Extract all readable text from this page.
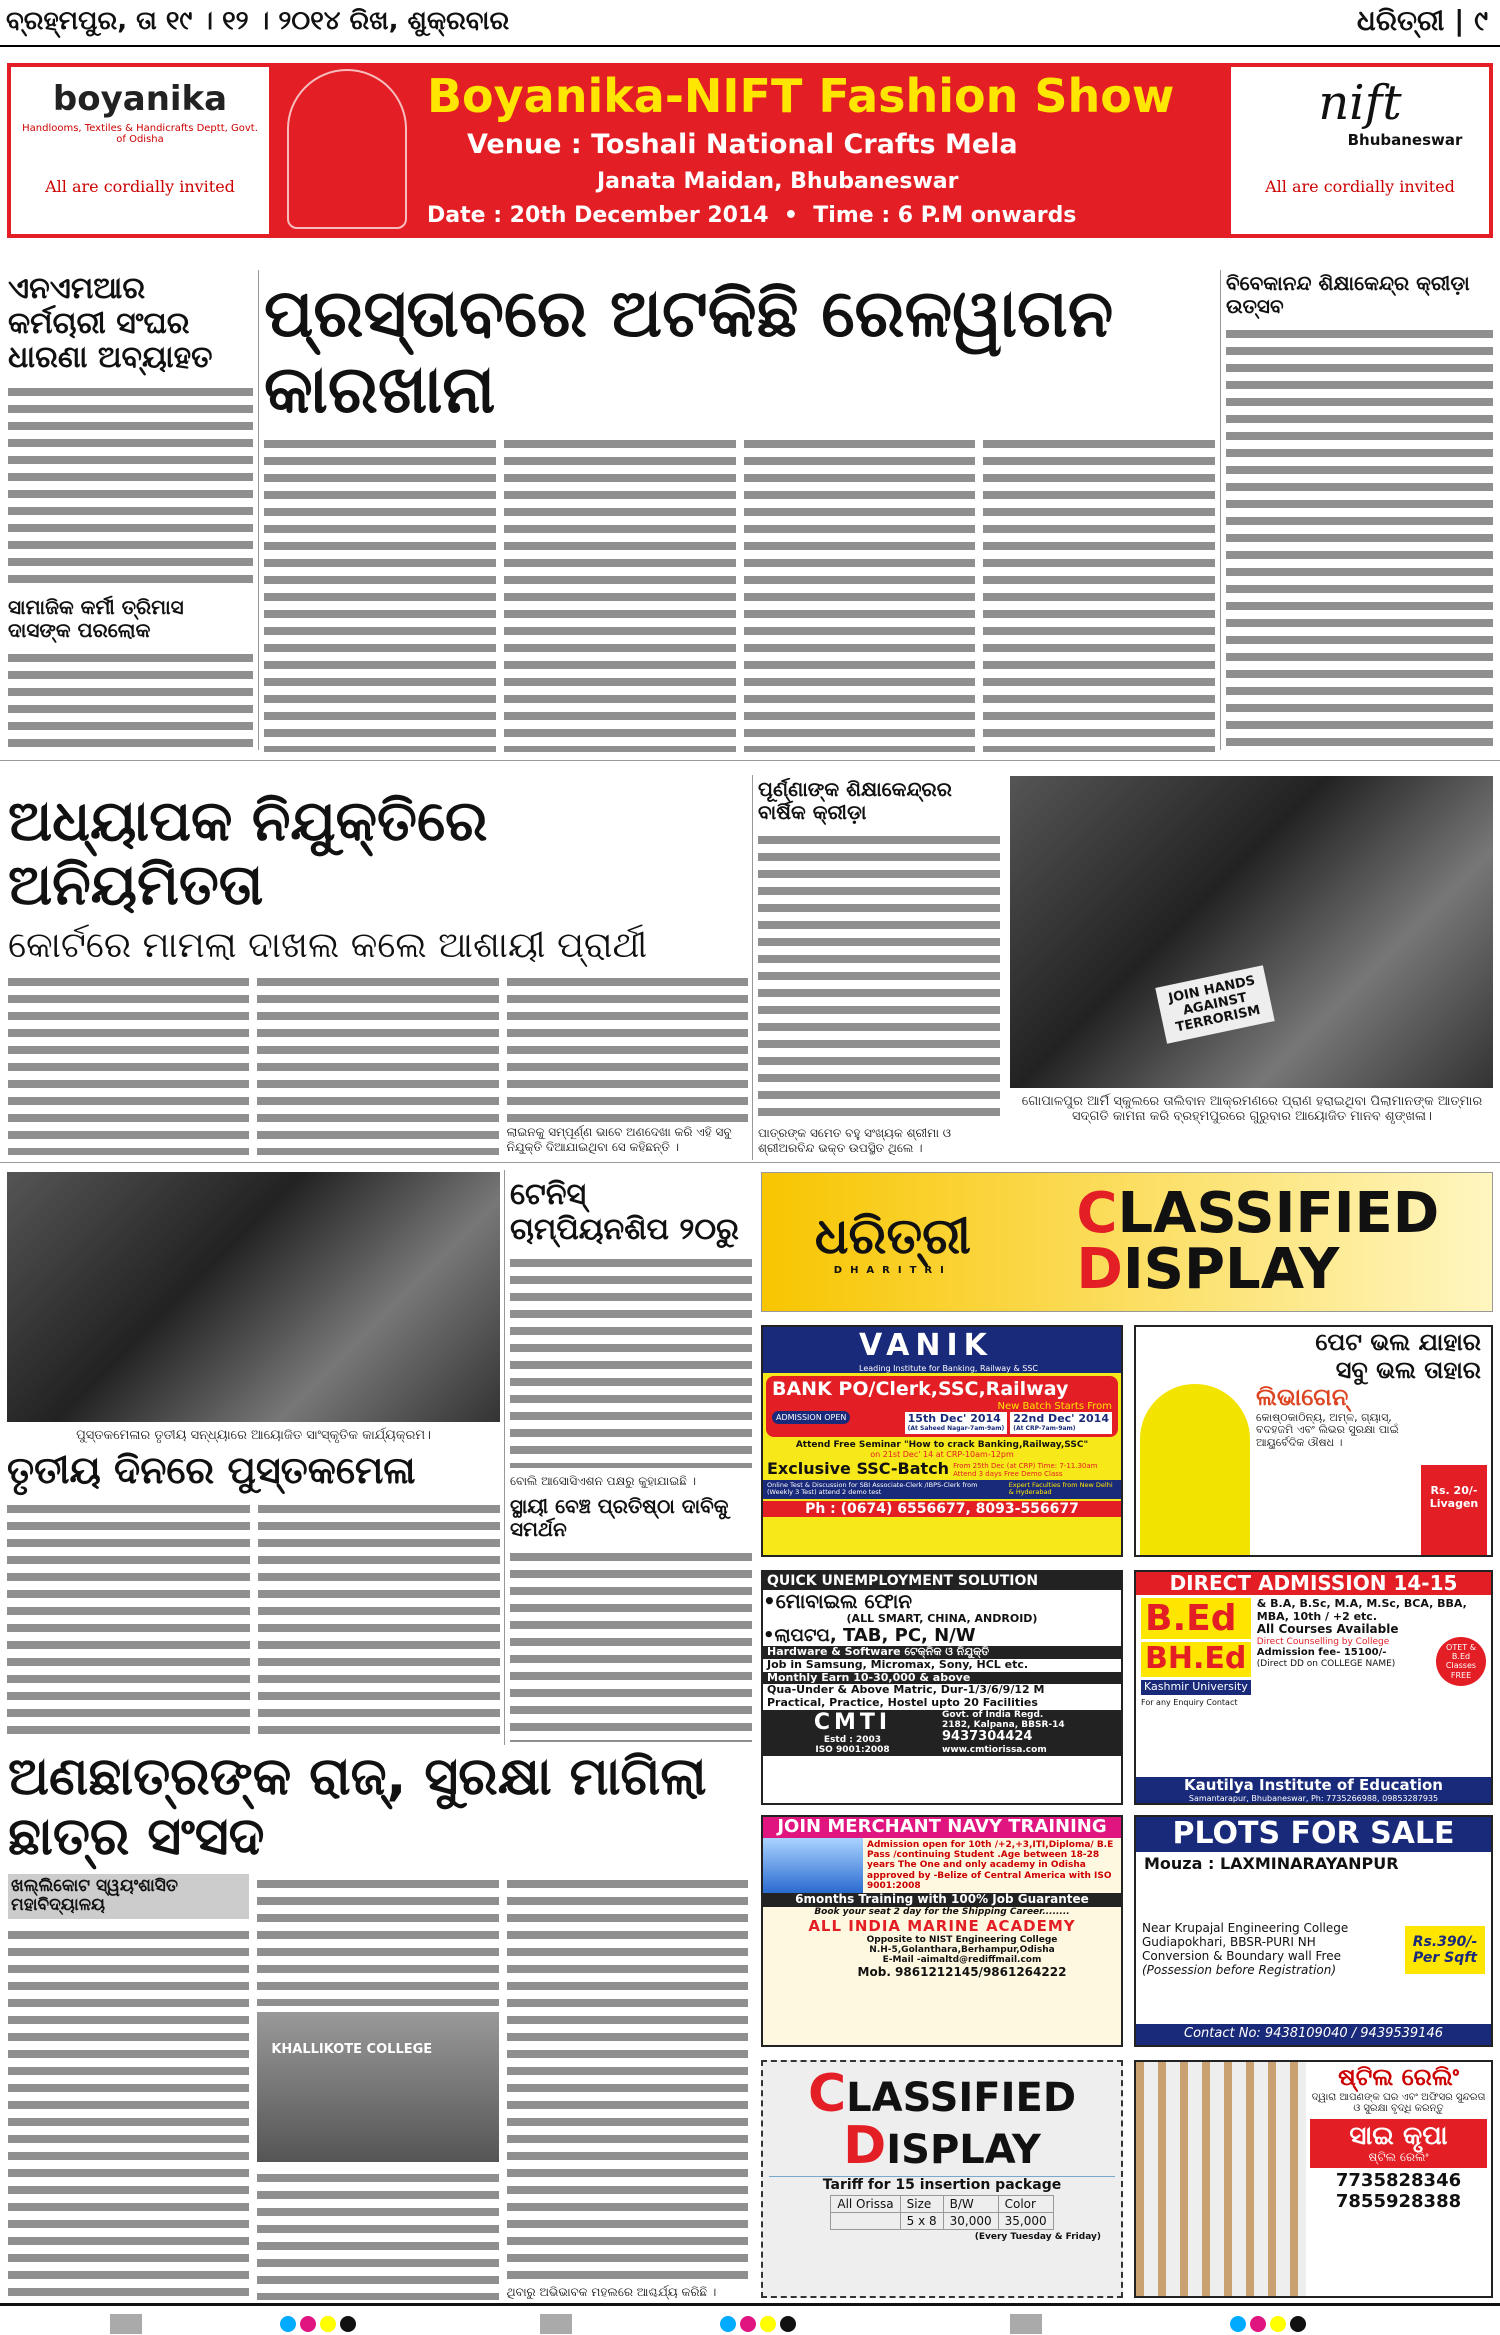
ବ୍ରହ୍ମପୁର, ତା ୧୯ । ୧୨ । ୨୦୧୪ ରିଖ, ଶୁକ୍ରବାର	ଧରିତ୍ରୀ | ୯
boyanika
Handlooms, Textiles & Handicrafts Deptt, Govt. of Odisha
All are cordially invited
Boyanika-NIFT Fashion Show
Venue : Toshali National Crafts Mela
Janata Maidan, Bhubaneswar
Date : 20th December 2014  •  Time : 6 P.M onwards
nift
Bhubaneswar
All are cordially invited
ଏନଏମଆର କର୍ମଚାରୀ ସଂଘର ଧାରଣା ଅବ୍ୟାହତ
ସାମାଜିକ କର୍ମୀ ତ୍ରିମାସ ଦାସଙ୍କ ପରଲୋକ
ପ୍ରସ୍ତାବରେ ଅଟକିଛି ରେଳୱାଗନ କାରଖାନା
ବିବେକାନନ୍ଦ ଶିକ୍ଷାକେନ୍ଦ୍ର କ୍ରୀଡ଼ା ଉତ୍ସବ
ଅଧ୍ୟାପକ ନିଯୁକ୍ତିରେ ଅନିୟମିତତା
କୋର୍ଟରେ ମାମଲା ଦାଖଲ କଲେ ଆଶାୟୀ ପ୍ରାର୍ଥୀ
ଲାଇନକୁ ସମ୍ପୂର୍ଣ୍ଣ ଭାବେ ଅଣଦେଖା କରି ଏହି ସବୁ ନିଯୁକ୍ତି ଦିଆଯାଇଥିବା ସେ କହିଛନ୍ତି ।
ପୂର୍ଣ୍ଣାଙ୍କ ଶିକ୍ଷାକେନ୍ଦ୍ରର ବାର୍ଷିକ କ୍ରୀଡ଼ା
ପାତ୍ରଙ୍କ ସମେତ ବହୁ ସଂଖ୍ୟକ ଶ୍ରୀମା ଓ ଶ୍ରୀଅରବିନ୍ଦ ଭକ୍ତ ଉପସ୍ଥିତ ଥିଲେ ।
JOIN HANDS AGAINST TERRORISM
ଗୋପାଳପୁର ଆର୍ମି ସ୍କୁଲରେ ତାଲିବାନ ଆକ୍ରମଣରେ ପ୍ରାଣ ହରାଇଥିବା ପିଲାମାନଙ୍କ ଆତ୍ମାର ସଦ୍‌ଗତି କାମନା କରି ବ୍ରହ୍ମପୁରରେ ଗୁରୁବାର ଆୟୋଜିତ ମାନବ ଶୃଙ୍ଖଳା।
ପୁସ୍ତକମେଳାର ତୃତୀୟ ସନ୍ଧ୍ୟାରେ ଆୟୋଜିତ ସାଂସ୍କୃତିକ କାର୍ଯ୍ୟକ୍ରମ।
ତୃତୀୟ ଦିନରେ ପୁସ୍ତକମେଳା
ଟେନିସ୍ ଚାମ୍ପିୟନଶିପ ୨୦ରୁ
ବୋଲି ଆସୋସିଏଶନ ପକ୍ଷରୁ କୁହାଯାଇଛି ।
ସ୍ଥାୟୀ ବେଞ୍ଚ ପ୍ରତିଷ୍ଠା ଦାବିକୁ ସମର୍ଥନ
ଧରିତ୍ରୀ
DHARITRI
CLASSIFIED
DISPLAY
VANIK
Leading Institute for Banking, Railway & SSC
BANK PO/Clerk,SSC,Railway
ADMISSION OPEN
New Batch Starts From
15th Dec' 2014
(At Saheed Nagar-7am-9am)
22nd Dec' 2014
(At CRP-7am-9am)
Attend Free Seminar "How to crack Banking,Railway,SSC"
on 21st Dec' 14 at CRP-10am-12pm
Exclusive SSC-Batch From 25th Dec (at CRP) Time: 7-11.30am
Attend 3 days Free Demo Class
Online Test & Discussion for SBI Associate-Clerk /IBPS-Clerk from (Weekly 3 Test) attend 2 demo test
Expert Faculties from New Delhi & Hyderabad
Ph : (0674) 6556677, 8093-556677
ପେଟ ଭଲ ଯାହାର
ସବୁ ଭଲ ତାହାର
ଲିଭାଗେନ୍
କୋଷ୍ଠକାଠିନ୍ୟ, ଅମ୍ଳ, ଗ୍ୟାସ୍, ବଦହଜମି ଏବଂ ଲିଭର ସୁରକ୍ଷା ପାଇଁ ଆୟୁର୍ବେଦିକ ଔଷଧ ।
Rs. 20/-
Livagen
QUICK UNEMPLOYMENT SOLUTION
•ମୋବାଇଲ ଫୋନ
(ALL SMART, CHINA, ANDROID)
•ଲାପଟପ, TAB, PC, N/W
Hardware & Software ଟେକ୍ନିକ ଓ ନିଯୁକ୍ତି
Job in Samsung, Micromax, Sony, HCL etc.
Monthly Earn 10-30,000 & above
Qua-Under & Above Matric, Dur-1/3/6/9/12 M
Practical, Practice, Hostel upto 20 Facilities
CMTI
Estd : 2003
ISO 9001:2008
Govt. of India Regd.
2182, Kalpana, BBSR-14
9437304424
www.cmtiorissa.com
DIRECT ADMISSION 14-15
B.Ed
BH.Ed
Kashmir University
For any Enquiry Contact
& B.A, B.Sc, M.A, M.Sc, BCA, BBA, MBA, 10th / +2 etc.
All Courses Available
Direct Counselling by College
Admission fee- 15100/-
(Direct DD on COLLEGE NAME)
OTET & B.Ed Classes FREE
Kautilya Institute of Education
Samantarapur, Bhubaneswar, Ph: 7735266988, 09853287935
ଅଣଛାତ୍ରଙ୍କ ରାଜ୍, ସୁରକ୍ଷା ମାଗିଲା ଛାତ୍ର ସଂସଦ
ଖଲ୍ଲିକୋଟ ସ୍ୱୟଂଶାସିତ ମହାବିଦ୍ୟାଳୟ
KHALLIKOTE COLLEGE
ଥିବାରୁ ଅଭିଭାବକ ମହଲରେ ଆଶ୍ଚର୍ଯ୍ୟ କରିଛି ।
JOIN MERCHANT NAVY TRAINING
Admission open for 10th /+2,+3,ITI,Diploma/ B.E Pass /continuing Student .Age between 18-28 years The One and only academy in Odisha approved by -Belize of Central America with ISO 9001:2008
6months Training with 100% Job Guarantee
Book your seat 2 day for the Shipping Career........
ALL INDIA MARINE ACADEMY
Opposite to NIST Engineering College
N.H-5,Golanthara,Berhampur,Odisha
E-Mail -aimaltd@rediffmail.com
Mob. 9861212145/9861264222
PLOTS FOR SALE
Mouza : LAXMINARAYANPUR
Near Krupajal Engineering College
Gudiapokhari, BBSR-PURI NH
Conversion & Boundary wall Free
(Possession before Registration)
Rs.390/- Per Sqft
Contact No: 9438109040 / 9439539146
CLASSIFIED
DISPLAY
Tariff for 15 insertion package
All Orissa	Size	B/W	Color
	5 x 8	30,000	35,000
(Every Tuesday & Friday)
ଷ୍ଟିଲ ରେଲିଂ
ଦ୍ୱାରା ଆପଣଙ୍କ ଘର ଏବଂ ଅଫିସର ସୁନ୍ଦରତା ଓ ସୁରକ୍ଷା ବୃଦ୍ଧି କରନ୍ତୁ
ସାଇ କୃପା
ଷ୍ଟିଲ ରେଲିଂ
7735828346
7855928388
